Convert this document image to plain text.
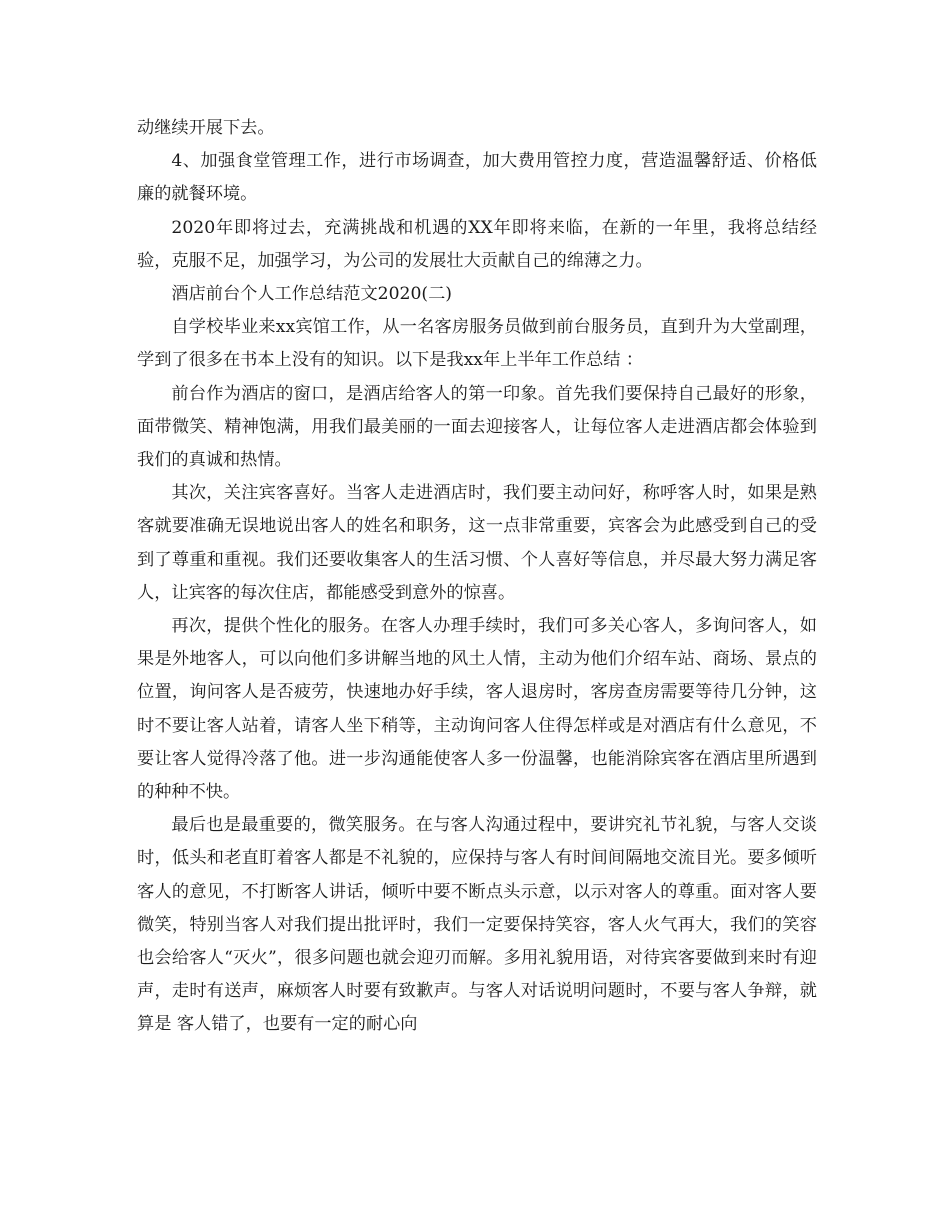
动继续开展下去。

4、加强食堂管理工作，进行市场调查，加大费用管控力度，营造温馨舒适、价格低廉的就餐环境。

2020年即将过去，充满挑战和机遇的XX年即将来临，在新的一年里，我将总结经验，克服不足，加强学习，为公司的发展壮大贡献自己的绵薄之力。

酒店前台个人工作总结范文2020(二)

自学校毕业来xx宾馆工作，从一名客房服务员做到前台服务员，直到升为大堂副理，学到了很多在书本上没有的知识。以下是我xx年上半年工作总结 ：

前台作为酒店的窗口，是酒店给客人的第一印象。首先我们要保持自己最好的形象，面带微笑、精神饱满，用我们最美丽的一面去迎接客人，让每位客人走进酒店都会体验到我们的真诚和热情。

其次，关注宾客喜好。当客人走进酒店时，我们要主动问好，称呼客人时，如果是熟客就要准确无误地说出客人的姓名和职务，这一点非常重要，宾客会为此感受到自己的受到了尊重和重视。我们还要收集客人的生活习惯、个人喜好等信息，并尽最大努力满足客人，让宾客的每次住店，都能感受到意外的惊喜。

再次，提供个性化的服务。在客人办理手续时，我们可多关心客人，多询问客人，如果是外地客人，可以向他们多讲解当地的风土人情，主动为他们介绍车站、商场、景点的位置，询问客人是否疲劳，快速地办好手续，客人退房时，客房查房需要等待几分钟，这时不要让客人站着，请客人坐下稍等，主动询问客人住得怎样或是对酒店有什么意见，不要让客人觉得冷落了他。进一步沟通能使客人多一份温馨，也能消除宾客在酒店里所遇到的种种不快。

最后也是最重要的，微笑服务。在与客人沟通过程中，要讲究礼节礼貌，与客人交谈时，低头和老直盯着客人都是不礼貌的，应保持与客人有时间间隔地交流目光。要多倾听客人的意见，不打断客人讲话，倾听中要不断点头示意，以示对客人的尊重。面对客人要微笑，特别当客人对我们提出批评时，我们一定要保持笑容，客人火气再大，我们的笑容也会给客人“灭火”，很多问题也就会迎刃而解。多用礼貌用语，对待宾客要做到来时有迎声，走时有送声，麻烦客人时要有致歉声。与客人对话说明问题时，不要与客人争辩，就算是 客人错了，也要有一定的耐心向
